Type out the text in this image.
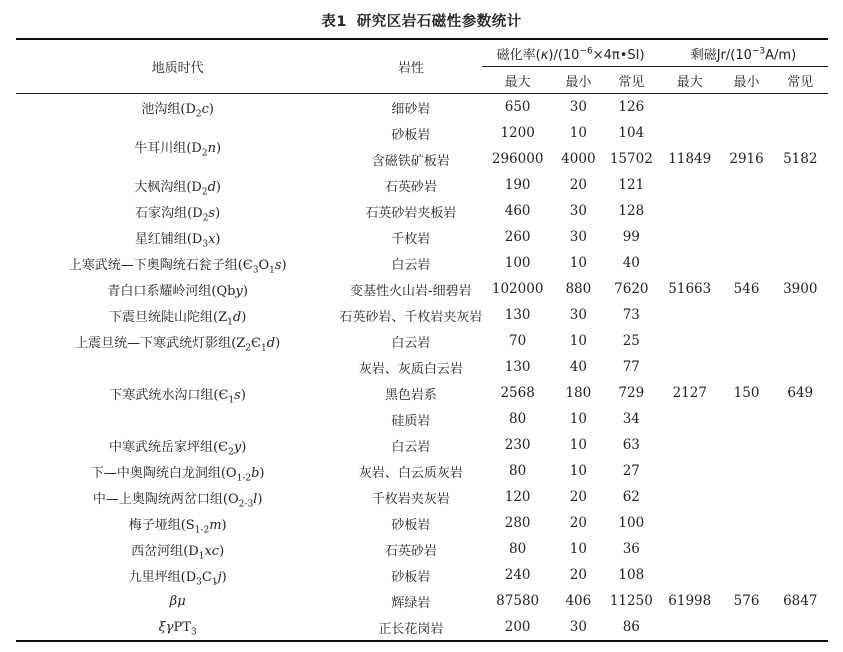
表1 研究区岩石磁性参数统计
地质时代	岩性	磁化率$(\kappa)/(10^{-6}\times 4\pi•SI)$			剩磁$Jr/(10^{-3}A/m)$		
		最大	最小	常见	最大	最小	常见
池沟组$(D_2c)$	细砂岩	650	30	126			
牛耳川组$(D_2n)$	砂板岩	1200	10	104			
	含磁铁矿板岩	296000	4000	15702	11849	2916	5182
大枫沟组$(D_2d)$	石英砂岩	190	20	121			
石家沟组$(D_2s)$	石英砂岩夹板岩	460	30	128			
星红铺组$(D_3x)$	千枚岩	260	30	99			
上寒武统—下奥陶统石瓮子组$(Є_3O_1s)$	白云岩	100	10	40			
青白口系耀岭河组(Qby)	变基性火山岩-细碧岩	102000	880	7620	51663	546	3900
下震旦统陡山陀组$(Z_1d)$	石英砂岩、千枚岩夹灰岩	130	30	73			
上震旦统—下寒武统灯影组$(Z_2Є_1d)$	白云岩	70	10	25			
下寒武统水沟口组$(Є_1s)$	灰岩、灰质白云岩	130	40	77			
	黑色岩系	2568	180	729	2127	150	649
	硅质岩	80	10	34			
中寒武统岳家坪组$(Є_2y)$	白云岩	230	10	63			
下—中奥陶统白龙洞组$(O_{1-2}b)$	灰岩、白云质灰岩	80	10	27			
中—上奥陶统两岔口组$(O_{2-3}l)$	千枚岩夹灰岩	120	20	62			
梅子垭组$(S_{1-2}m)$	砂板岩	280	20	100			
西岔河组$(D_1xc)$	石英砂岩	80	10	36			
九里坪组$(D_3C_1j)$	砂板岩	240	20	108			
βμ	辉绿岩	87580	406	11250	61998	576	6847
ξγPT$_3$	正长花岗岩	200	30	86			
